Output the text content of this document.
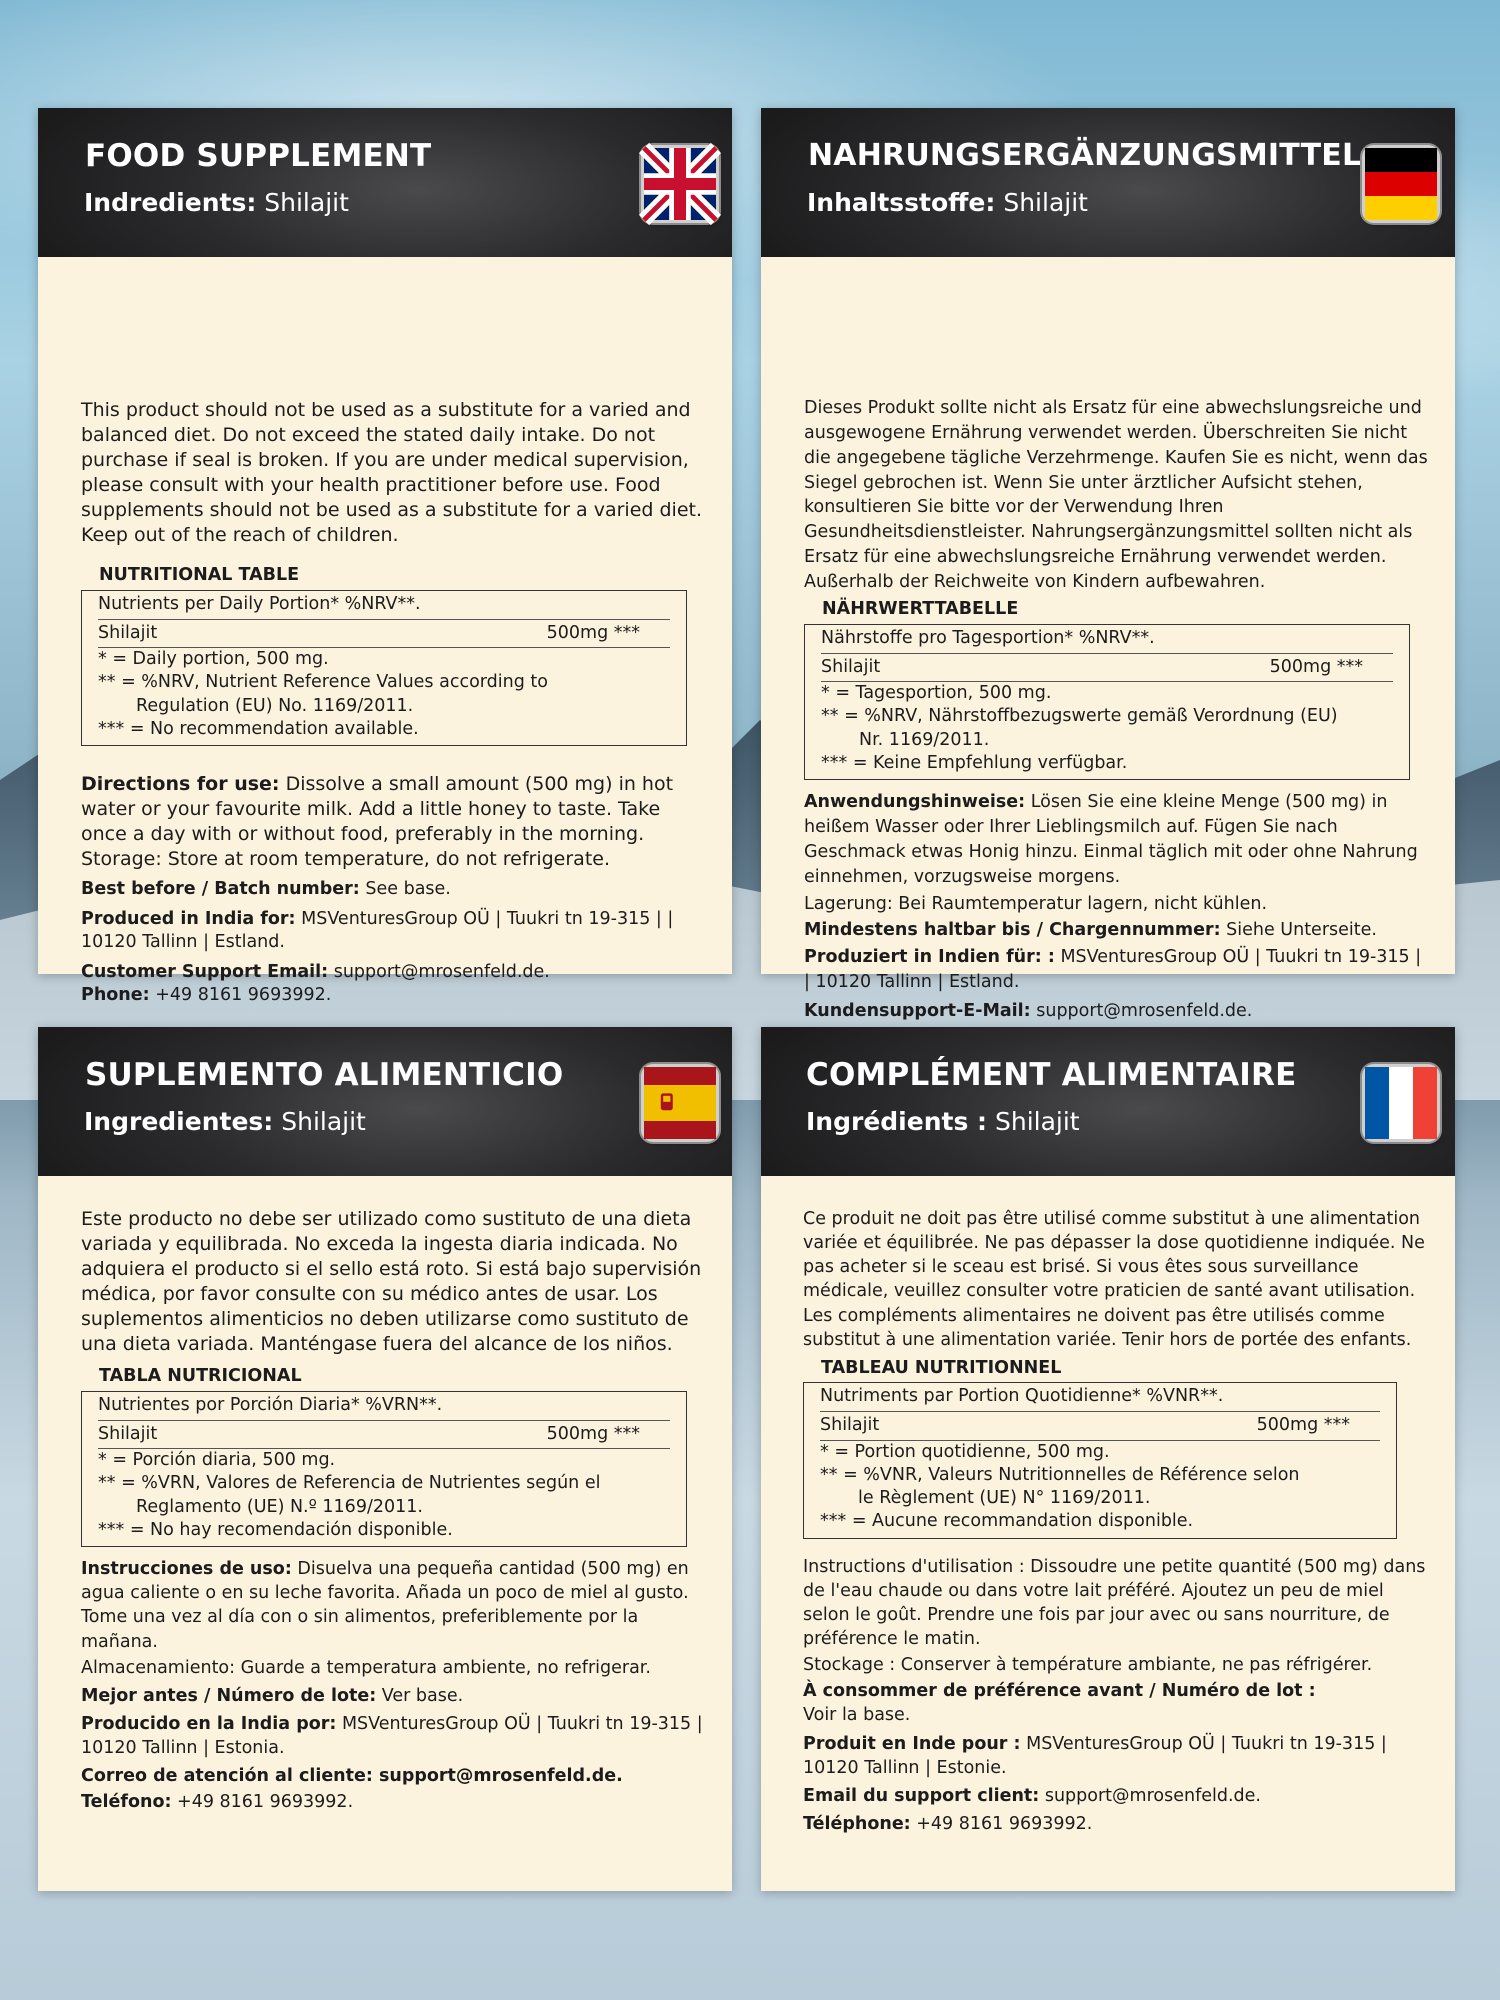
FOOD SUPPLEMENT
Indredients: Shilajit

This product should not be used as a substitute for a varied and balanced diet. Do not exceed the stated daily intake. Do not purchase if seal is broken. If you are under medical supervision, please consult with your health practitioner before use. Food supplements should not be used as a substitute for a varied diet. Keep out of the reach of children.

NUTRITIONAL TABLE
Nutrients per Daily Portion* %NRV**.
Shilajit	500mg ***
* = Daily portion, 500 mg.
** = %NRV, Nutrient Reference Values according to
Regulation (EU) No. 1169/2011.
*** = No recommendation available.

Directions for use: Dissolve a small amount (500 mg) in hot water or your favourite milk. Add a little honey to taste. Take once a day with or without food, preferably in the morning.

Storage: Store at room temperature, do not refrigerate.

Best before / Batch number: See base.

Produced in India for: MSVenturesGroup OÜ | Tuukri tn 19-315 | | 10120 Tallinn | Estland.

Customer Support Email: support@mrosenfeld.de.

Phone: +49 8161 9693992.

NAHRUNGSERGÄNZUNGSMITTEL
Inhaltsstoffe: Shilajit

Dieses Produkt sollte nicht als Ersatz für eine abwechslungsreiche und ausgewogene Ernährung verwendet werden. Überschreiten Sie nicht die angegebene tägliche Verzehrmenge. Kaufen Sie es nicht, wenn das Siegel gebrochen ist. Wenn Sie unter ärztlicher Aufsicht stehen, konsultieren Sie bitte vor der Verwendung Ihren Gesundheitsdienstleister. Nahrungsergänzungsmittel sollten nicht als Ersatz für eine abwechslungsreiche Ernährung verwendet werden. Außerhalb der Reichweite von Kindern aufbewahren.

NÄHRWERTTABELLE
Nährstoffe pro Tagesportion* %NRV**.
Shilajit	500mg ***
* = Tagesportion, 500 mg.
** = %NRV, Nährstoffbezugswerte gemäß Verordnung (EU)
Nr. 1169/2011.
*** = Keine Empfehlung verfügbar.

Anwendungshinweise: Lösen Sie eine kleine Menge (500 mg) in heißem Wasser oder Ihrer Lieblingsmilch auf. Fügen Sie nach Geschmack etwas Honig hinzu. Einmal täglich mit oder ohne Nahrung einnehmen, vorzugsweise morgens.

Lagerung: Bei Raumtemperatur lagern, nicht kühlen.

Mindestens haltbar bis / Chargennummer: Siehe Unterseite.

Produziert in Indien für: : MSVenturesGroup OÜ | Tuukri tn 19-315 | | 10120 Tallinn | Estland.

Kundensupport-E-Mail: support@mrosenfeld.de.

SUPLEMENTO ALIMENTICIO
Ingredientes: Shilajit

Este producto no debe ser utilizado como sustituto de una dieta variada y equilibrada. No exceda la ingesta diaria indicada. No adquiera el producto si el sello está roto. Si está bajo supervisión médica, por favor consulte con su médico antes de usar. Los suplementos alimenticios no deben utilizarse como sustituto de una dieta variada. Manténgase fuera del alcance de los niños.

TABLA NUTRICIONAL
Nutrientes por Porción Diaria* %VRN**.
Shilajit	500mg ***
* = Porción diaria, 500 mg.
** = %VRN, Valores de Referencia de Nutrientes según el
Reglamento (UE) N.º 1169/2011.
*** = No hay recomendación disponible.

Instrucciones de uso: Disuelva una pequeña cantidad (500 mg) en agua caliente o en su leche favorita. Añada un poco de miel al gusto. Tome una vez al día con o sin alimentos, preferiblemente por la mañana.

Almacenamiento: Guarde a temperatura ambiente, no refrigerar.

Mejor antes / Número de lote: Ver base.

Producido en la India por: MSVenturesGroup OÜ | Tuukri tn 19-315 | 10120 Tallinn | Estonia.

Correo de atención al cliente: support@mrosenfeld.de.

Teléfono: +49 8161 9693992.

COMPLÉMENT ALIMENTAIRE
Ingrédients : Shilajit

Ce produit ne doit pas être utilisé comme substitut à une alimentation variée et équilibrée. Ne pas dépasser la dose quotidienne indiquée. Ne pas acheter si le sceau est brisé. Si vous êtes sous surveillance médicale, veuillez consulter votre praticien de santé avant utilisation. Les compléments alimentaires ne doivent pas être utilisés comme substitut à une alimentation variée. Tenir hors de portée des enfants.

TABLEAU NUTRITIONNEL
Nutriments par Portion Quotidienne* %VNR**.
Shilajit	500mg ***
* = Portion quotidienne, 500 mg.
** = %VNR, Valeurs Nutritionnelles de Référence selon
le Règlement (UE) N° 1169/2011.
*** = Aucune recommandation disponible.

Instructions d'utilisation : Dissoudre une petite quantité (500 mg) dans de l'eau chaude ou dans votre lait préféré. Ajoutez un peu de miel selon le goût. Prendre une fois par jour avec ou sans nourriture, de préférence le matin.

Stockage : Conserver à température ambiante, ne pas réfrigérer.

À consommer de préférence avant / Numéro de lot :
Voir la base.

Produit en Inde pour : MSVenturesGroup OÜ | Tuukri tn 19-315 | 10120 Tallinn | Estonie.

Email du support client: support@mrosenfeld.de.

Téléphone: +49 8161 9693992.
